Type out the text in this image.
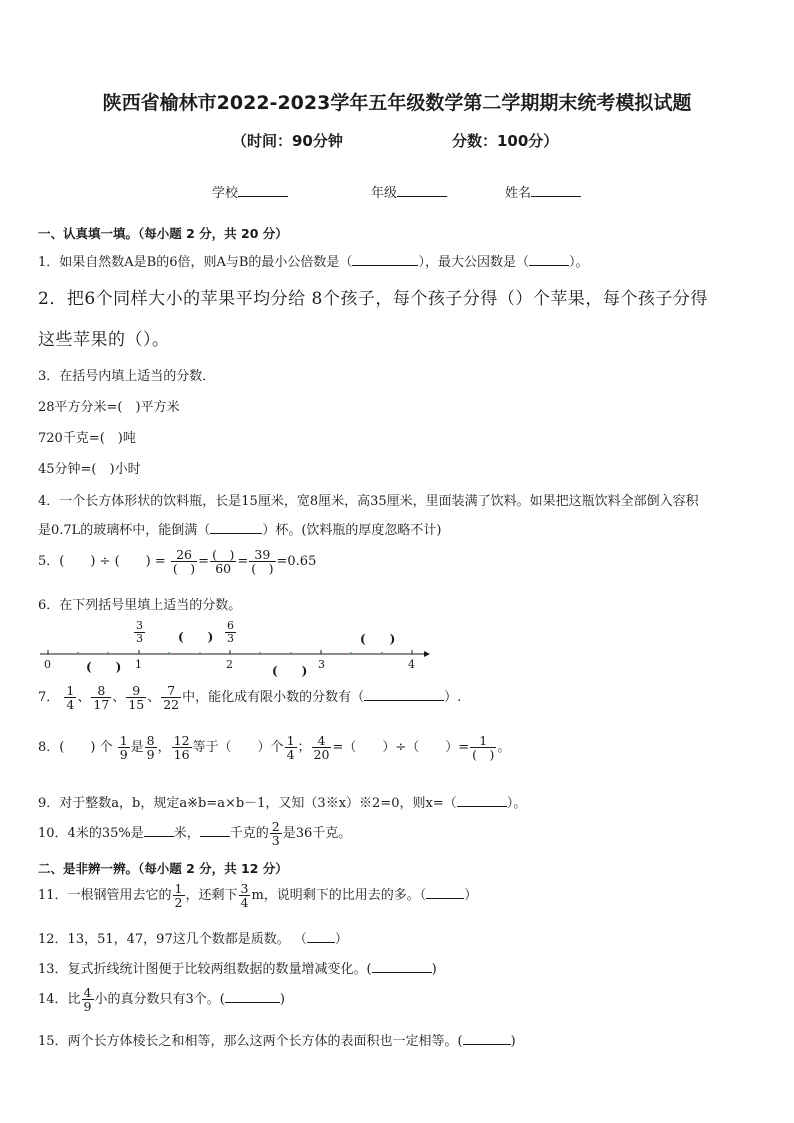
陕西省榆林市2022-2023学年五年级数学第二学期期末统考模拟试题
（时间：90分钟	分数：100分）
学校	年级	姓名
一、认真填一填。（每小题 2 分，共 20 分）
1．如果自然数A是B的6倍，则A与B的最小公倍数是（	），最大公因数是（	）。
2．把6个同样大小的苹果平均分给 8个孩子，每个孩子分得（）个苹果，每个孩子分得
这些苹果的（）。
3．在括号内填上适当的分数．
28平方分米=(　)平方米
720千克=(　)吨
45分钟=(　)小时
4．一个长方体形状的饮料瓶，长是15厘米，宽8厘米，高35厘米，里面装满了饮料。如果把这瓶饮料全部倒入容积
是0.7L的玻璃杯中，能倒满（	）杯。(饮料瓶的厚度忽略不计)
5．(　　) ÷ (　　) = $\frac{26}{( )} = \frac{( )}{60} = \frac{39}{( )} =0.65$
6．在下列括号里填上适当的分数。
0	1	2	3	4
$\frac{3}{3}$	$\frac{6}{3}$
(　　)	(　　)
(　　)	(　　)
7． $\frac{1}{4}$ 、 $\frac{8}{17}$ 、 $\frac{9}{15}$ 、 $\frac{7}{22}$ 中，能化成有限小数的分数有（	）.
8．(　　) 个 $\frac{1}{9}$ 是 $\frac{8}{9}$ ， $\frac{12}{16}$ 等于（　　）个 $\frac{1}{4}$ ； $\frac{4}{20}$ =（　　）÷（　　）= $\frac{1}{( )}$ 。
9．对于整数a，b，规定a※b=a×b－1，又知（3※x）※2=0，则x=（	）。
10．4米的35%是 米， 千克的 $\frac{2}{3}$ 是36千克。
二、是非辨一辨。（每小题 2 分，共 12 分）
11．一根钢管用去它的 $\frac{1}{2}$ ，还剩下 $\frac{3}{4}$ m，说明剩下的比用去的多。（	）
12．13，51，47，97这几个数都是质数。 （ ）
13．复式折线统计图便于比较两组数据的数量增减变化。(	)
14．比 $\frac{4}{9}$ 小的真分数只有3个。(	)
15．两个长方体棱长之和相等，那么这两个长方体的表面积也一定相等。(	)
